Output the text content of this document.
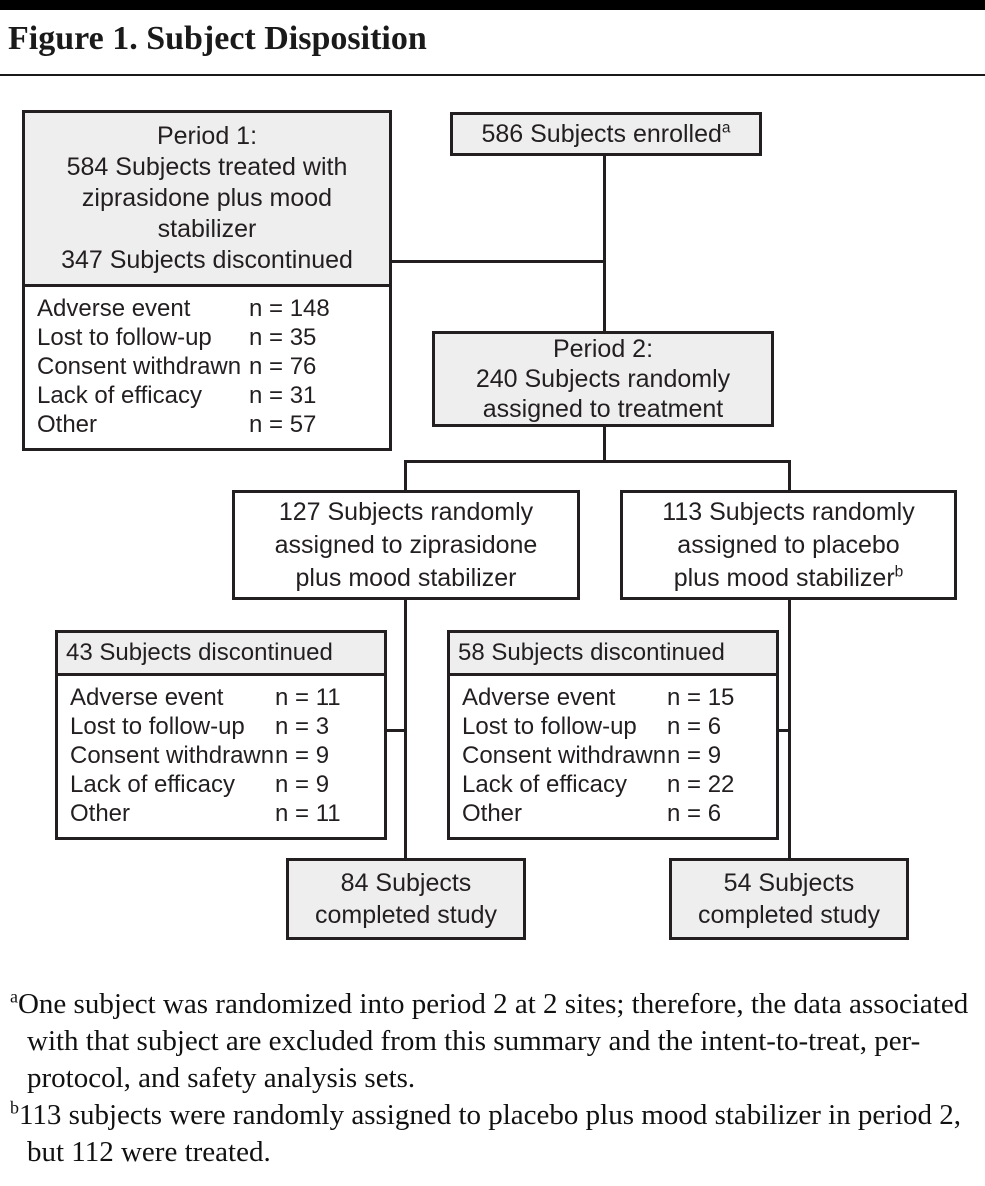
Figure 1. Subject Disposition
Period 1:
584 Subjects treated with
ziprasidone plus mood
stabilizer
347 Subjects discontinued
Adverse event	n = 148
Lost to follow-up	n = 35
Consent withdrawn n = 76
Lack of efficacy	n = 31
Other	n = 57
586 Subjects enrolled$^a$
Period 2:
240 Subjects randomly
assigned to treatment
127 Subjects randomly
assigned to ziprasidone
plus mood stabilizer
113 Subjects randomly
assigned to placebo
plus mood stabilizer$^b$
43 Subjects discontinued
Adverse event	n = 11
Lost to follow-up	n = 3
Consent withdrawn n = 9
Lack of efficacy	n = 9
Other	n = 11
58 Subjects discontinued
Adverse event	n = 15
Lost to follow-up	n = 6
Consent withdrawn n = 9
Lack of efficacy	n = 22
Other	n = 6
84 Subjects
completed study
54 Subjects
completed study

$^a$One subject was randomized into period 2 at 2 sites; therefore, the data associated with that subject are excluded from this summary and the intent-to-treat, per-protocol, and safety analysis sets.

$^b$113 subjects were randomly assigned to placebo plus mood stabilizer in period 2, but 112 were treated.
